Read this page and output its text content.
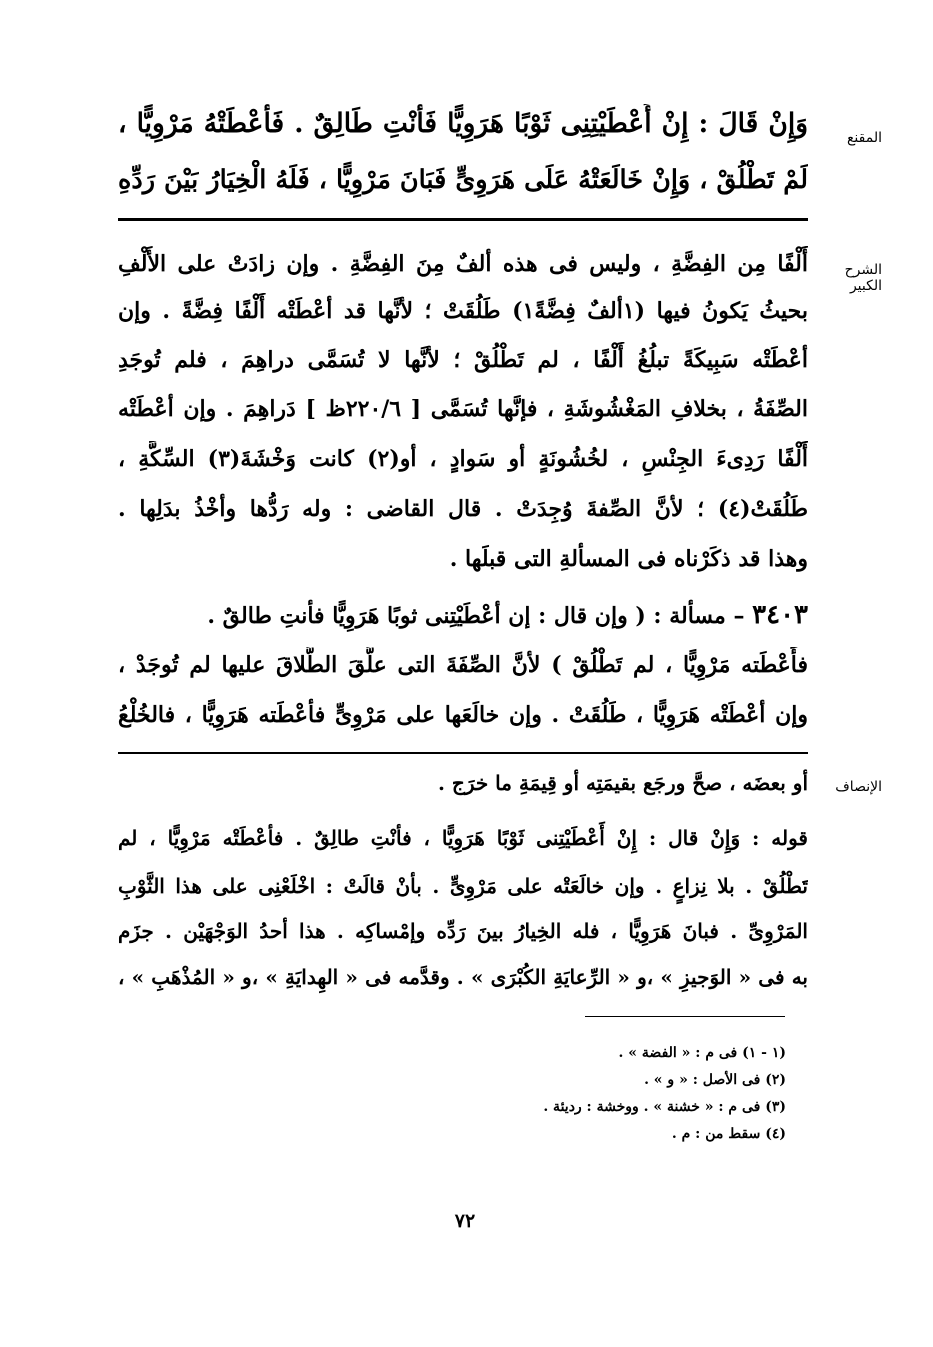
المقنع
وَإِنْ قَالَ : إِنْ أَعْطَيْتِنِى ثَوْبًا هَرَوِيًّا فَأَنْتِ طَالِقٌ . فَأَعْطَتْهُ مَرْوِيًّا ،
لَمْ تَطْلُقْ ، وَإِنْ خَالَعَتْهُ عَلَى هَرَوِىٍّ فَبَانَ مَرْوِيًّا ، فَلَهُ الْخِيَارُ بَيْنَ رَدِّهِ
الشرح الكبير
أَلْفًا مِن الفِضَّةِ ، وليس فى هذه ألفٌ مِنَ الفِضَّةِ . وإن زادَتْ على الأَلْفِ
بحيثُ يَكونُ فيها (١ألفٌ فِضَّةً١) طَلُقَتْ ؛ لأنَّها قد أعْطَتْه أَلْفًا فِضَّةً . وإن
أعْطَتْه سَبِيكَةً تبلُغُ أَلْفًا ، لم تَطْلُقْ ؛ لأنَّها لا تُسَمَّى دراهِمَ ، فلم تُوجَدِ
الصِّفَةُ ، بخلافِ المَغْشُوشَةِ ، فإنَّها تُسَمَّى [ ٢٢٠/٦ظ ] دَراهِمَ . وإن أعْطَتْه
أَلْفًا رَدِىءَ الجِنْسِ ، لخُشُونَةٍ أو سَوادٍ ، أو(٢) كانت وَخْشَةَ(٣) السِّكَّةِ ،
طَلُقَتْ(٤) ؛ لأنَّ الصِّفةَ وُجِدَتْ . قال القاضى : وله رَدُّها وأخْذُ بدَلِها .
وهذا قد ذكَرْناه فى المسألةِ التى قبلَها .
٣٤٠٣ – مسألة : ( وإن قال : إن أعْطَيْتِنى ثوبًا هَرَوِيًّا فأنتِ طالقٌ .
فأَعْطَته مَرْوِيًّا ، لم تَطْلُقْ ) لأنَّ الصِّفَةَ التى علَّقَ الطَّلاقَ عليها لم تُوجَدْ ،
وإن أعْطَتْه هَرَوِيًّا ، طَلُقَتْ . وإن خالَعَها على مَرْوِىٍّ فأعْطَته هَرَوِيًّا ، فالخُلْعُ
الإنصاف
أو بعضَه ، صحَّ ورجَع بقيمَتِه أو قِيمَةِ ما خرَج .
قوله : وَإِنْ قال : إِنْ أَعْطَيْتِنى ثَوْبًا هَرَوِيًّا ، فأنْتِ طالِقٌ . فأعْطَتْه مَرْوِيًّا ، لم
تَطْلُقْ . بلا نِزاعٍ . وإن خالَعَتْه على مَرْوِىٍّ . بأنْ قالَتْ : اخْلَعْنِى على هذا الثَّوْبِ
المَرْوِىِّ . فبانَ هَرَوِيًّا ، فله الخِيارُ بينَ رَدِّه وإمْساكِه . هذا أحدُ الوَجْهَيْن . جزَم
به فى « الوَجيزِ » ،و « الرِّعايَةِ الكُبْرَى » . وقدَّمه فى « الهِدايَةِ » ،و « المُذْهَبِ » ،
(١ - ١) فى م : « الفضة » .
(٢) فى الأصل : « و » .
(٣) فى م : « خشنة » . ووخشة : رديئة .
(٤) سقط من : م .
٧٢
